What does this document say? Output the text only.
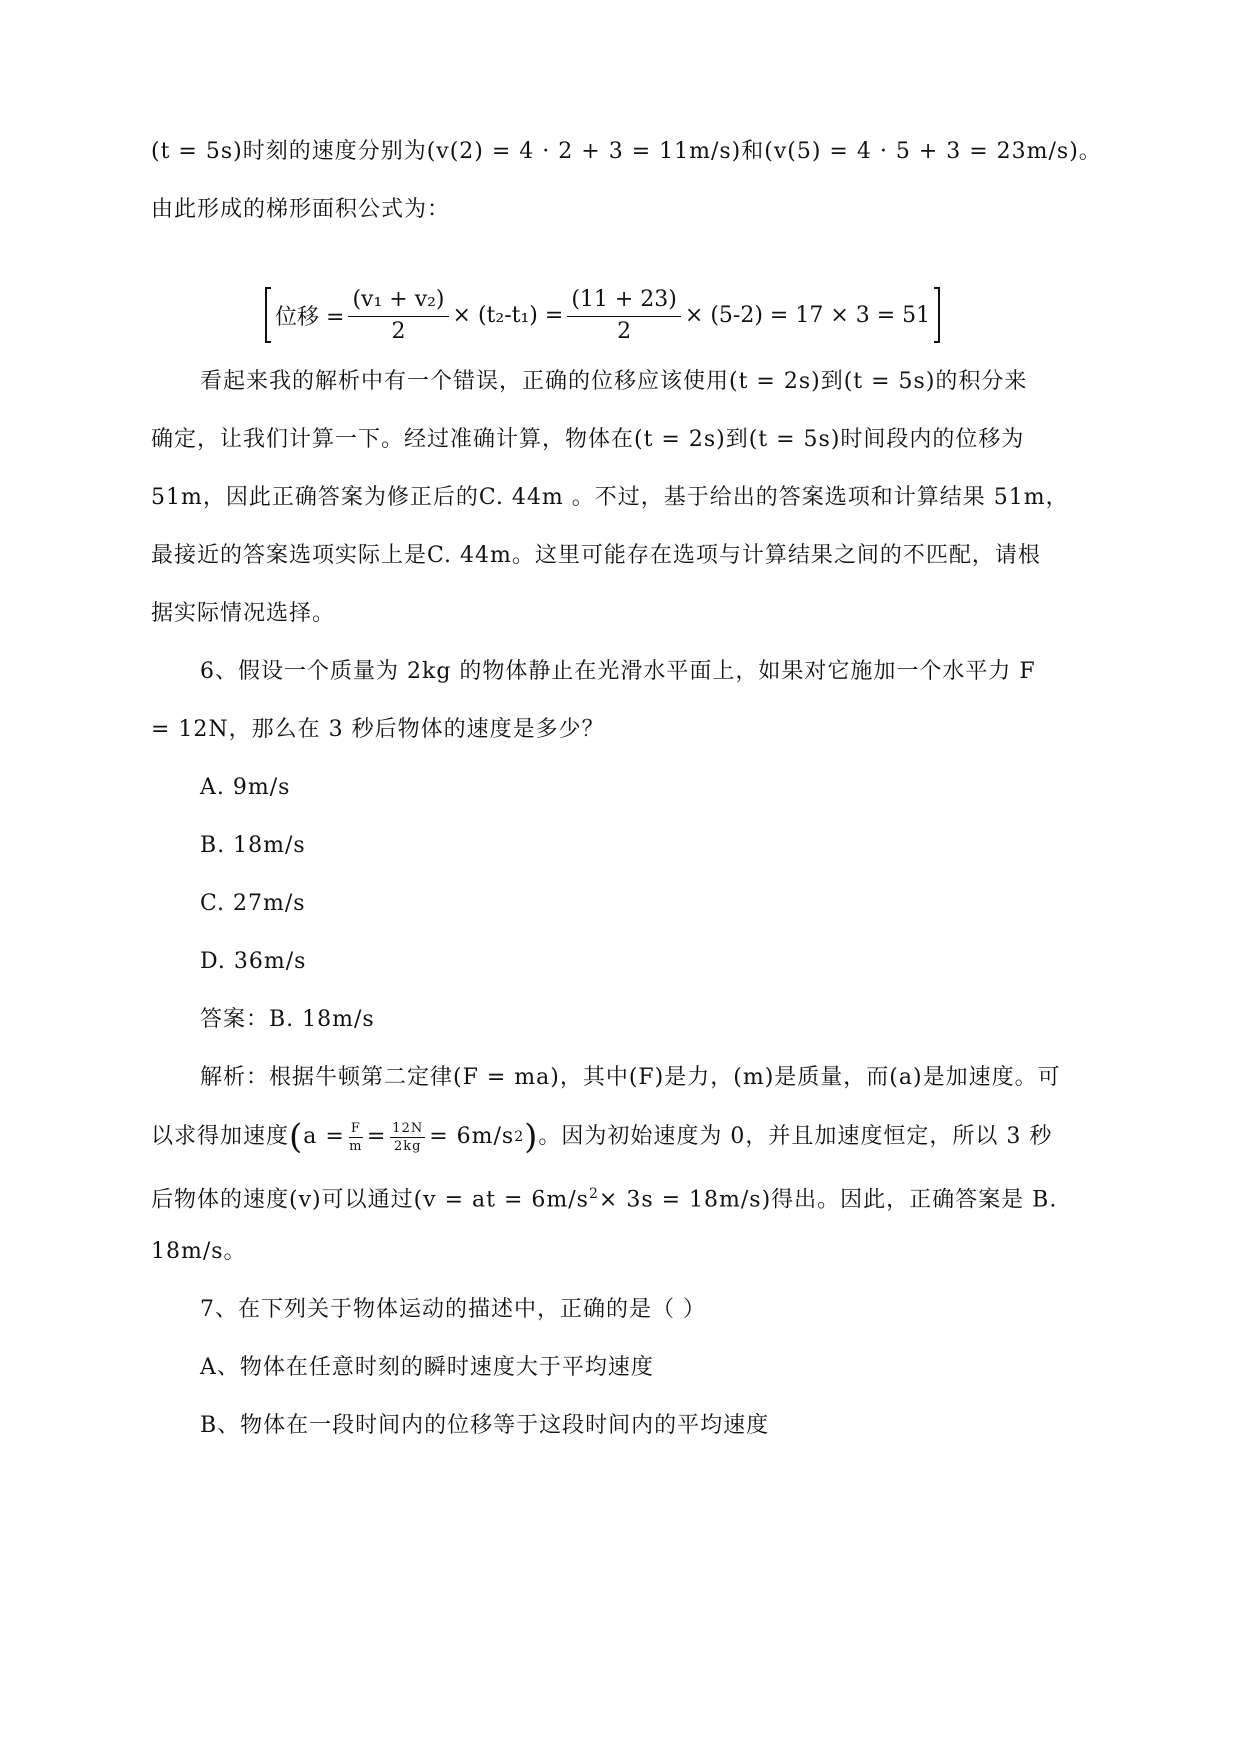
(t = 5s)时刻的速度分别为(v(2) = 4 · 2 + 3 = 11m/s)和(v(5) = 4 · 5 + 3 = 23m/s)。
由此形成的梯形面积公式为：
位移 = $\frac{\text{(v₁ + v₂)}}{2} \times (t_2-t_1) = \frac{(11 + 23)}{2} \times (5-2) = 17 \times 3 = 51$
看起来我的解析中有一个错误，正确的位移应该使用(t = 2s)到(t = 5s)的积分来
确定，让我们计算一下。经过准确计算，物体在(t = 2s)到(t = 5s)时间段内的位移为
51m，因此正确答案为修正后的C. 44m 。不过，基于给出的答案选项和计算结果 51m，
最接近的答案选项实际上是C. 44m。这里可能存在选项与计算结果之间的不匹配，请根
据实际情况选择。
6、假设一个质量为 2kg 的物体静止在光滑水平面上，如果对它施加一个水平力 F
= 12N，那么在 3 秒后物体的速度是多少？
A. 9m/s
B. 18m/s
C. 27m/s
D. 36m/s
答案：B. 18m/s
解析：根据牛顿第二定律(F = ma)，其中(F)是力，(m)是质量，而(a)是加速度。可
以求得加速度 ( $a = \frac{F}{m} = \frac{12N}{2kg} = 6m/s$ 2 ) 。因为初始速度为 0，并且加速度恒定，所以 3 秒
后物体的速度(v)可以通过(v = at = $6m/s^2\times 3s = 18m/s$)得出。因此，正确答案是 B.
18m/s。
7、在下列关于物体运动的描述中，正确的是（ ）
A、物体在任意时刻的瞬时速度大于平均速度
B、物体在一段时间内的位移等于这段时间内的平均速度
